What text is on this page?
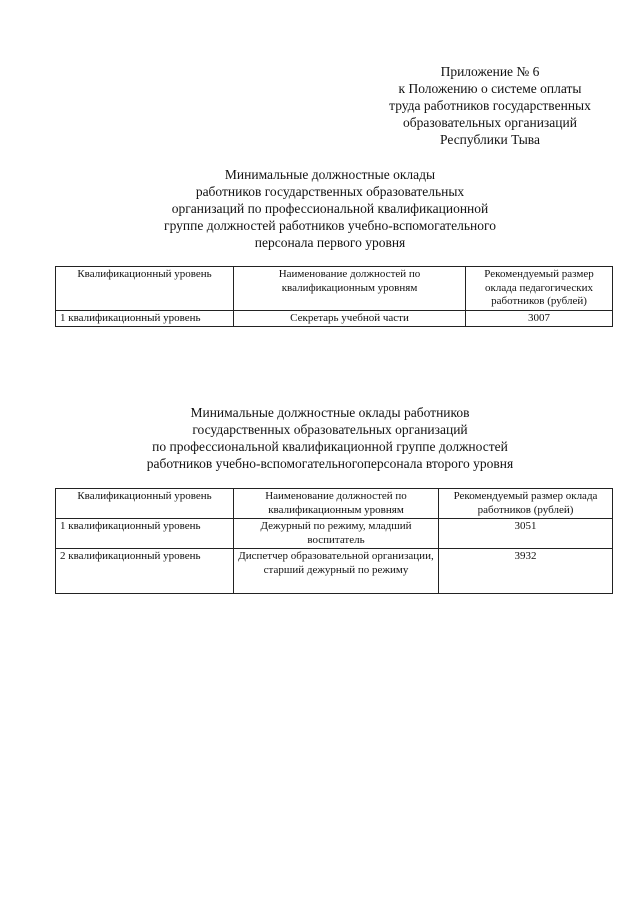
Приложение № 6
к Положению о системе оплаты
труда работников государственных
образовательных организаций
Республики Тыва
Минимальные должностные оклады
работников государственных образовательных
организаций по профессиональной квалификационной
группе должностей работников учебно-вспомогательного
персонала первого уровня
Квалификационный уровень	Наименование должностей по квалификационным уровням	Рекомендуемый размер оклада педагогических работников (рублей)
1 квалификационный уровень	Секретарь учебной части	3007
Минимальные должностные оклады работников
государственных образовательных организаций
по профессиональной квалификационной группе должностей
работников учебно-вспомогательногоперсонала второго уровня
Квалификационный уровень	Наименование должностей по квалификационным уровням	Рекомендуемый размер оклада работников (рублей)
1 квалификационный уровень	Дежурный по режиму, младший воспитатель	3051
2 квалификационный уровень	Диспетчер образовательной организации, старший дежурный по режиму	3932
